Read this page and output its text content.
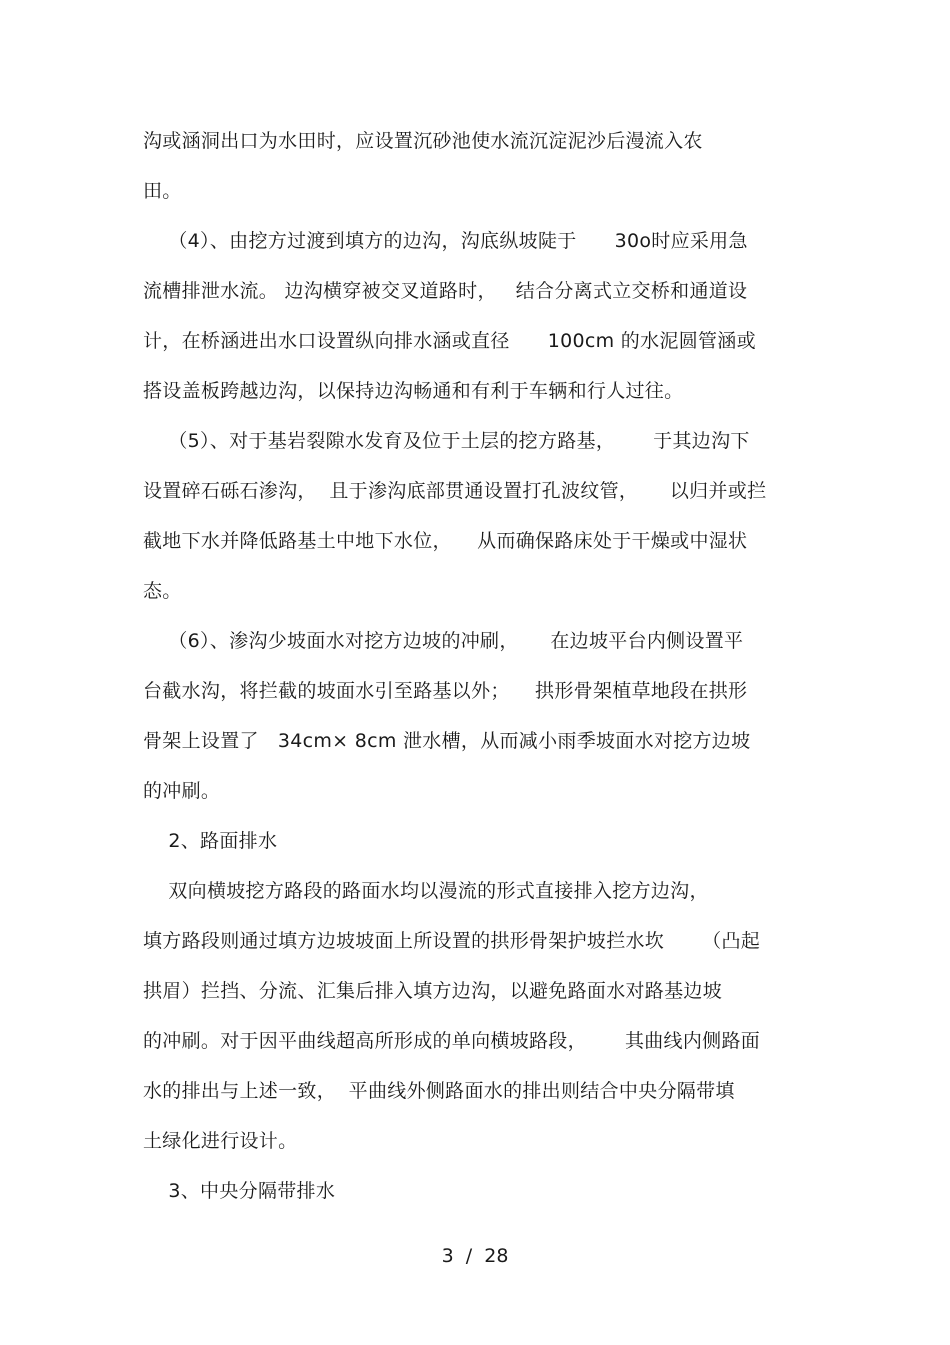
沟或涵洞出口为水田时，应设置沉砂池使水流沉淀泥沙后漫流入农
田。
（4）、由挖方过渡到填方的边沟，沟底纵坡陡于      30o时应采用急
流槽排泄水流。 边沟横穿被交叉道路时，   结合分离式立交桥和通道设
计，在桥涵进出水口设置纵向排水涵或直径      100cm 的水泥圆管涵或
搭设盖板跨越边沟，以保持边沟畅通和有利于车辆和行人过往。
（5）、对于基岩裂隙水发育及位于土层的挖方路基，      于其边沟下
设置碎石砾石渗沟，  且于渗沟底部贯通设置打孔波纹管，     以归并或拦
截地下水并降低路基土中地下水位，    从而确保路床处于干燥或中湿状
态。
（6）、渗沟少坡面水对挖方边坡的冲刷，     在边坡平台内侧设置平
台截水沟，将拦截的坡面水引至路基以外；    拱形骨架植草地段在拱形
骨架上设置了   34cm× 8cm 泄水槽，从而减小雨季坡面水对挖方边坡
的冲刷。
2、路面排水
双向横坡挖方路段的路面水均以漫流的形式直接排入挖方边沟，
填方路段则通过填方边坡坡面上所设置的拱形骨架护坡拦水坎      （凸起
拱眉）拦挡、分流、汇集后排入填方边沟，以避免路面水对路基边坡
的冲刷。对于因平曲线超高所形成的单向横坡路段，      其曲线内侧路面
水的排出与上述一致，  平曲线外侧路面水的排出则结合中央分隔带填
土绿化进行设计。
3、中央分隔带排水
3  /  28
